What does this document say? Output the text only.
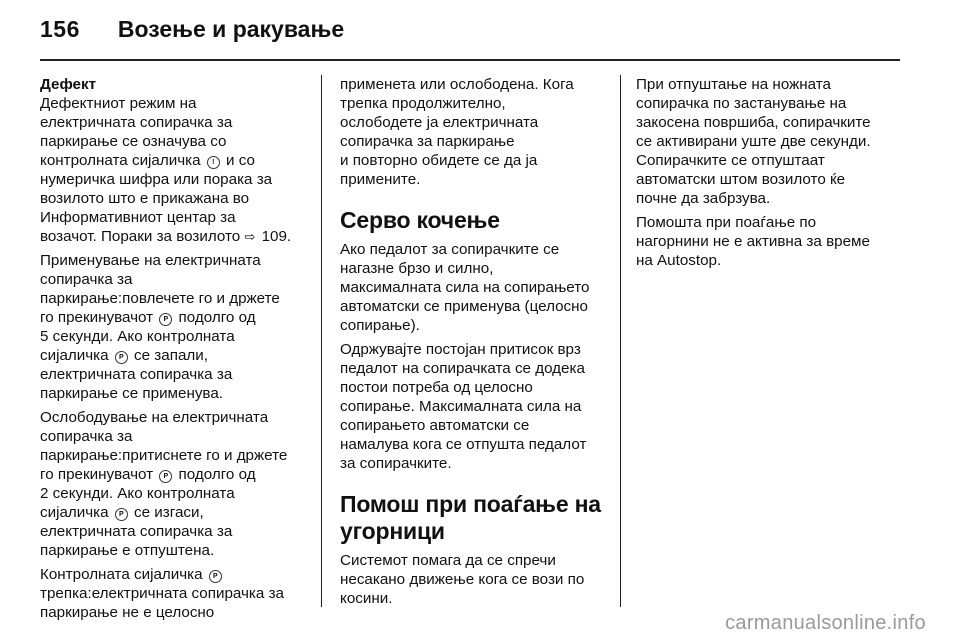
156 Возење и ракување

Дефект
Дефектниот режим на
електричната сопирачка за
паркирање се означува со
контролната сијаличка ! и со
нумеричка шифра или порака за
возилото што е прикажана во
Информативниот центар за
возачот. Пораки за возилото ⇨ 109.

Применување на електричната
сопирачка за
паркирање:повлечете го и држете
го прекинувачот P подолго од
5 секунди. Ако контролната
сијаличка P се запали,
електричната сопирачка за
паркирање се применува.

Ослободување на електричната
сопирачка за
паркирање:притиснете го и држете
го прекинувачот P подолго од
2 секунди. Ако контролната
сијаличка P се изгаси,
електричната сопирачка за
паркирање е отпуштена.

Контролната сијаличка P
трепка:електричната сопирачка за
паркирање не е целосно

применета или ослободена. Кога
трепка продолжително,
ослободете ја електричната
сопирачка за паркирање
и повторно обидете се да ја
примените.

Серво кочење

Ако педалот за сопирачките се
нагазне брзо и силно,
максималната сила на сопирањето
автоматски се применува (целосно
сопирање).

Одржувајте постојан притисок врз
педалот на сопирачката се додека
постои потреба од целосно
сопирање. Максималната сила на
сопирањето автоматски се
намалува кога се отпушта педалот
за сопирачките.

Помош при поаѓање на
угорници

Системот помага да се спречи
несакано движење кога се вози по
косини.

При отпуштање на ножната
сопирачка по застанување на
закосена површиба, сопирачките
се активирани уште две секунди.
Сопирачките се отпуштаат
автоматски штом возилото ќе
почне да забрзува.

Помошта при поаѓање по
нагорнини не е активна за време
на Autostop.

carmanualsonline.info
